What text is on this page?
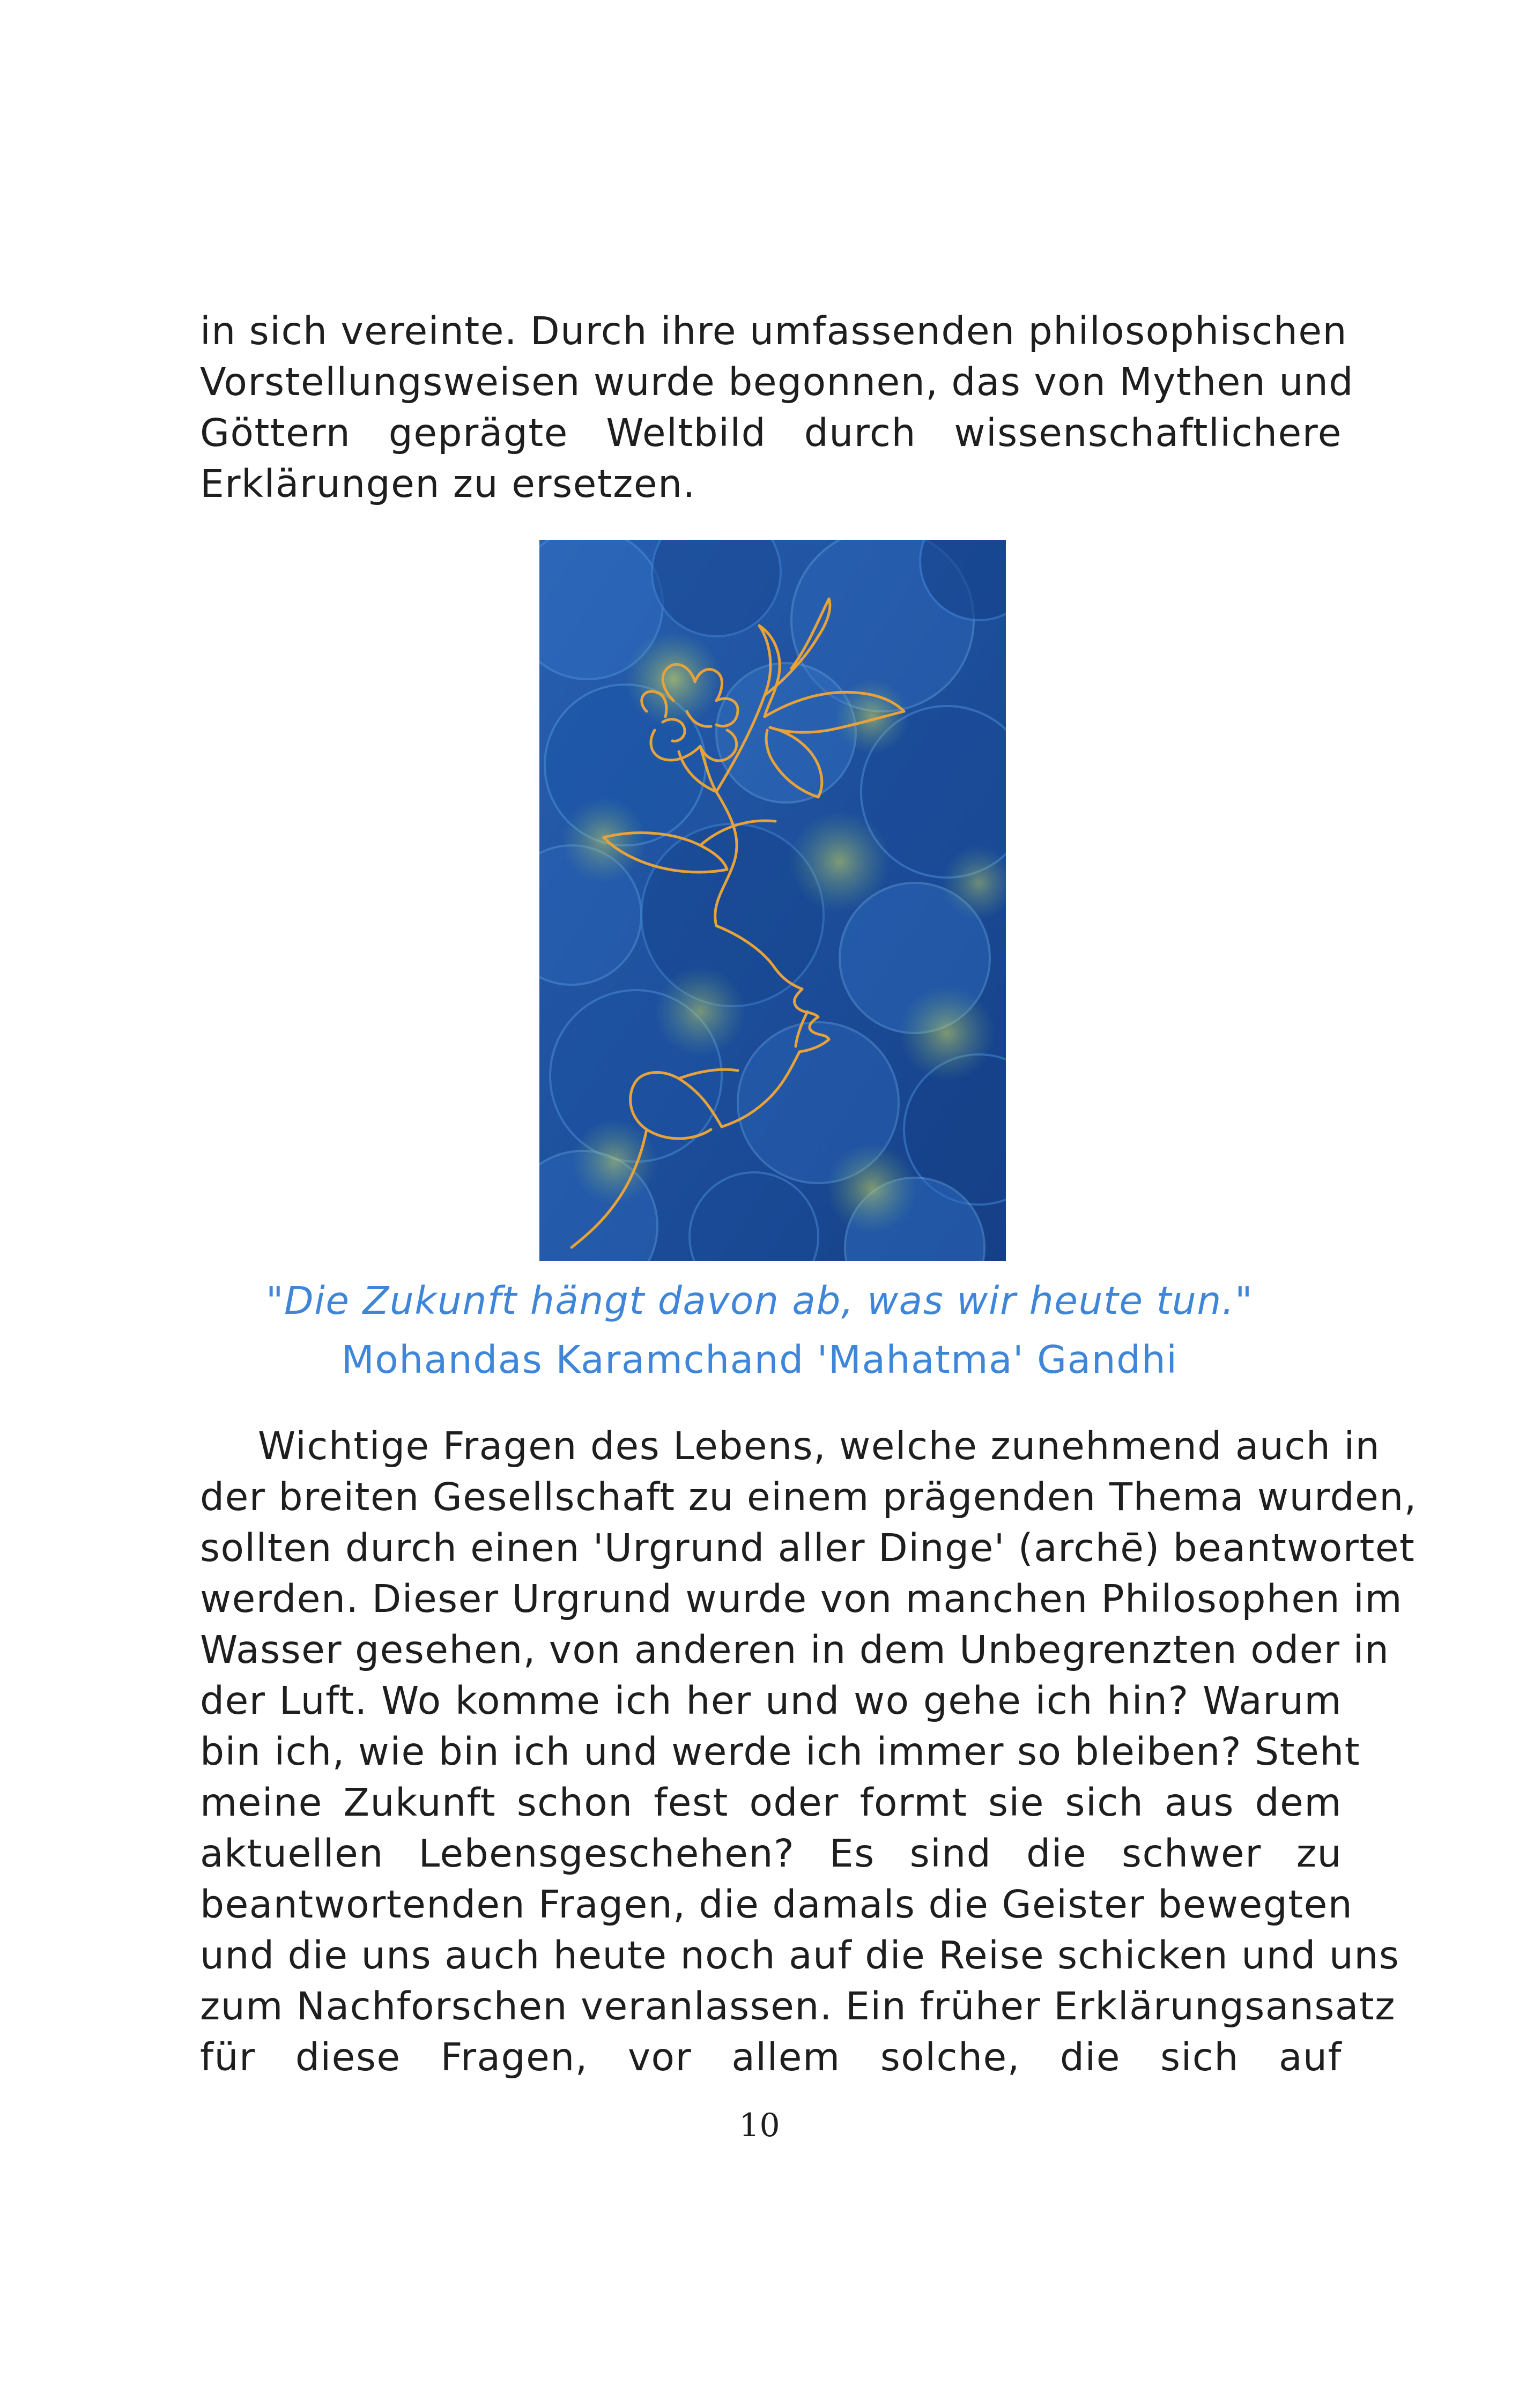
in sich vereinte. Durch ihre umfassenden philosophischen
Vorstellungsweisen wurde begonnen, das von Mythen und
Göttern geprägte Weltbild durch wissenschaftlichere
Erklärungen zu ersetzen.
"Die Zukunft hängt davon ab, was wir heute tun."
Mohandas Karamchand 'Mahatma' Gandhi
Wichtige Fragen des Lebens, welche zunehmend auch in
der breiten Gesellschaft zu einem prägenden Thema wurden,
sollten durch einen 'Urgrund aller Dinge' (archē) beantwortet
werden. Dieser Urgrund wurde von manchen Philosophen im
Wasser gesehen, von anderen in dem Unbegrenzten oder in
der Luft. Wo komme ich her und wo gehe ich hin? Warum
bin ich, wie bin ich und werde ich immer so bleiben? Steht
meine Zukunft schon fest oder formt sie sich aus dem
aktuellen Lebensgeschehen? Es sind die schwer zu
beantwortenden Fragen, die damals die Geister bewegten
und die uns auch heute noch auf die Reise schicken und uns
zum Nachforschen veranlassen. Ein früher Erklärungsansatz
für diese Fragen, vor allem solche, die sich auf
10
